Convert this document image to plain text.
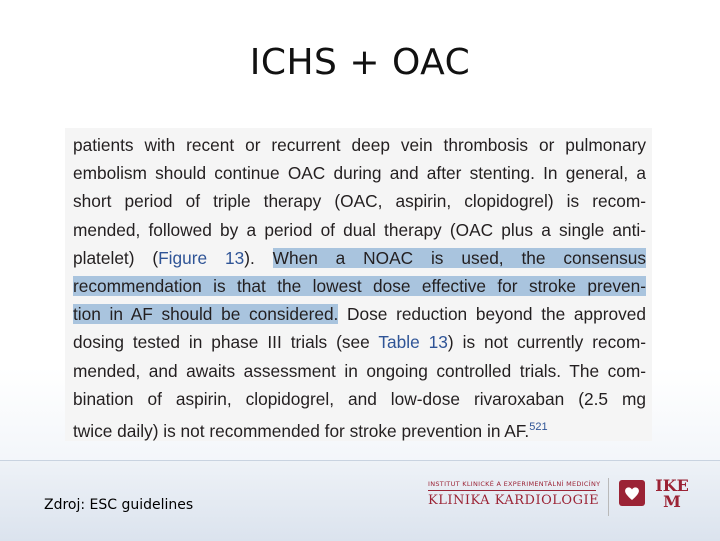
ICHS + OAC
patients with recent or recurrent deep vein thrombosis or pulmonary
embolism should continue OAC during and after stenting. In general, a
short period of triple therapy (OAC, aspirin, clopidogrel) is recom-
mended, followed by a period of dual therapy (OAC plus a single anti-
platelet) (Figure 13). When a NOAC is used, the consensus
recommendation is that the lowest dose effective for stroke preven-
tion in AF should be considered. Dose reduction beyond the approved
dosing tested in phase III trials (see Table 13) is not currently recom-
mended, and awaits assessment in ongoing controlled trials. The com-
bination of aspirin, clopidogrel, and low-dose rivaroxaban (2.5 mg
twice daily) is not recommended for stroke prevention in AF.$^{521}$
Zdroj: ESC guidelines
INSTITUT KLINICKÉ A EXPERIMENTÁLNÍ MEDICÍNY
KLINIKA KARDIOLOGIE
IKE
M
